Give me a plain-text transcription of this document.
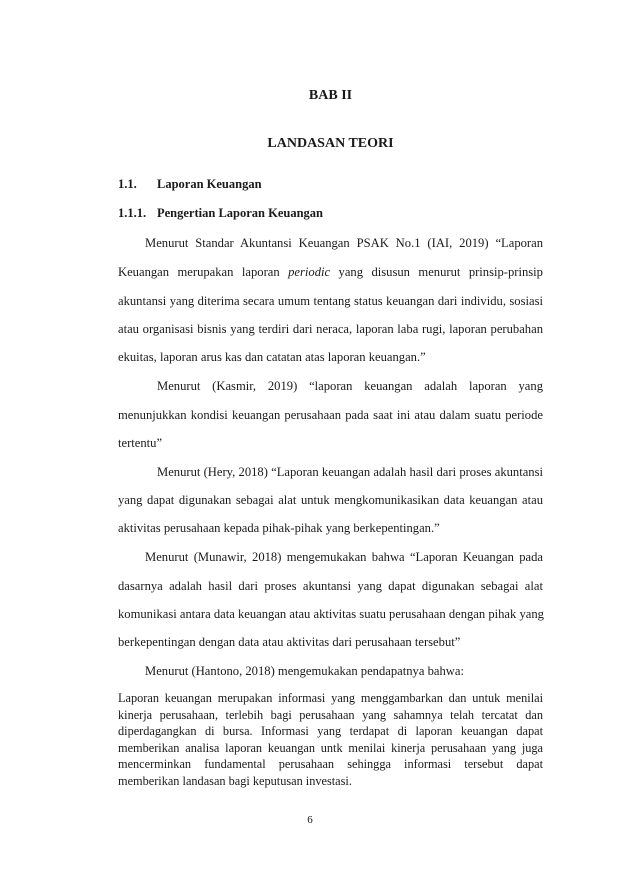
BAB II
LANDASAN TEORI
1.1. Laporan Keuangan
1.1.1. Pengertian Laporan Keuangan
Menurut Standar Akuntansi Keuangan PSAK No.1 (IAI, 2019) “Laporan
Keuangan merupakan laporan periodic yang disusun menurut prinsip-prinsip
akuntansi yang diterima secara umum tentang status keuangan dari individu, sosiasi
atau organisasi bisnis yang terdiri dari neraca, laporan laba rugi, laporan perubahan
ekuitas, laporan arus kas dan catatan atas laporan keuangan.”
Menurut (Kasmir, 2019) “laporan keuangan adalah laporan yang
menunjukkan kondisi keuangan perusahaan pada saat ini atau dalam suatu periode
tertentu”
Menurut (Hery, 2018) “Laporan keuangan adalah hasil dari proses akuntansi
yang dapat digunakan sebagai alat untuk mengkomunikasikan data keuangan atau
aktivitas perusahaan kepada pihak-pihak yang berkepentingan.”
Menurut (Munawir, 2018) mengemukakan bahwa “Laporan Keuangan pada
dasarnya adalah hasil dari proses akuntansi yang dapat digunakan sebagai alat
komunikasi antara data keuangan atau aktivitas suatu perusahaan dengan pihak yang
berkepentingan dengan data atau aktivitas dari perusahaan tersebut”
Menurut (Hantono, 2018) mengemukakan pendapatnya bahwa:
Laporan keuangan merupakan informasi yang menggambarkan dan untuk menilai kinerja perusahaan, terlebih bagi perusahaan yang sahamnya telah tercatat dan diperdagangkan di bursa. Informasi yang terdapat di laporan keuangan dapat memberikan analisa laporan keuangan untk menilai kinerja perusahaan yang juga mencerminkan fundamental perusahaan sehingga informasi tersebut dapat memberikan landasan bagi keputusan investasi.
6
